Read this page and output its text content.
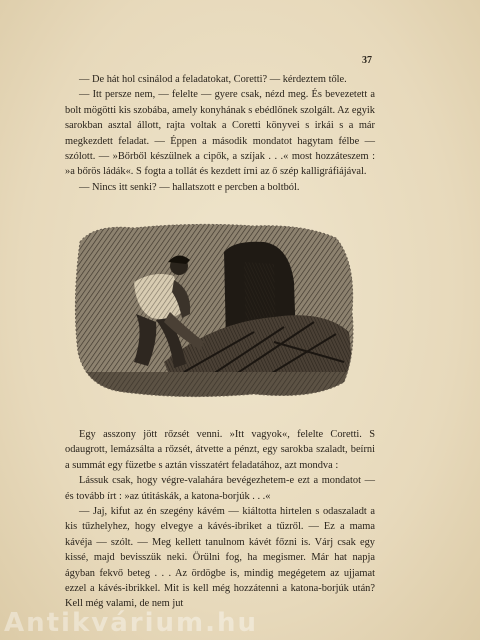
37

— De hát hol csinálod a feladatokat, Coretti? — kérdeztem tőle.

— Itt persze nem, — felelte — gyere csak, nézd meg. És bevezetett a bolt mögötti kis szobába, amely konyhának s ebédlőnek szolgált. Az egyik sarokban asztal állott, rajta voltak a Coretti könyvei s irkái s a már megkezdett feladat. — Éppen a második mondatot hagytam félbe — szólott. — »Bőrből készülnek a cipők, a szíjak . . .« most hozzáteszem : »a bőrös ládák«. S fogta a tollát és kezdett írni az ő szép kalligráfiájával.

— Nincs itt senki? — hallatszott e percben a boltból.

Egy asszony jött rőzsét venni. »Itt vagyok«, felelte Coretti. S odaugrott, lemázsálta a rőzsét, átvette a pénzt, egy sarokba szaladt, beírni a summát egy füzetbe s aztán visszatért feladatához, azt mondva :

Lássuk csak, hogy végre-valahára bevégezhetem-e ezt a mondatot — és tovább írt : »az útitáskák, a katona-borjúk . . .«

— Jaj, kifut az én szegény kávém — kiáltotta hirtelen s odaszaladt a kis tűzhelyhez, hogy elvegye a kávés-ibriket a tűzről. — Ez a mama kávéja — szólt. — Meg kellett tanulnom kávét főzni is. Várj csak egy kissé, majd bevisszük neki. Örülni fog, ha megismer. Már hat napja ágyban fekvő beteg . . . Az ördögbe is, mindig megégetem az ujjamat ezzel a kávés-ibrikkel. Mit is kell még hozzátenni a katona-borjúk után? Kell még valami, de nem jut

Antikvárium.hu
